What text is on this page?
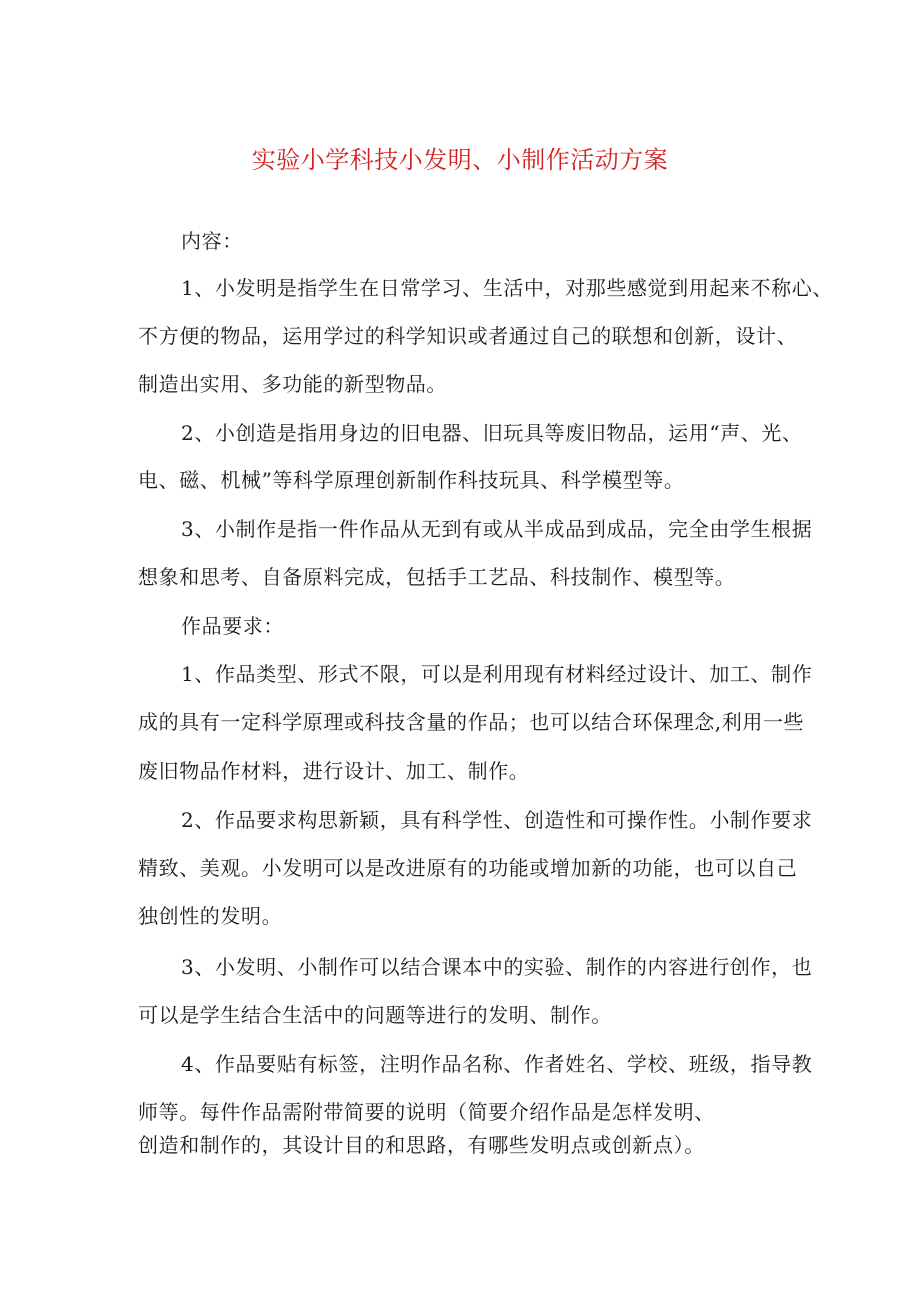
实验小学科技小发明、小制作活动方案

内容：

1、小发明是指学生在日常学习、生活中，对那些感觉到用起来不称心、

不方便的物品，运用学过的科学知识或者通过自己的联想和创新，设计、

制造出实用、多功能的新型物品。

2、小创造是指用身边的旧电器、旧玩具等废旧物品，运用“声、光、

电、磁、机械”等科学原理创新制作科技玩具、科学模型等。

3、小制作是指一件作品从无到有或从半成品到成品，完全由学生根据

想象和思考、自备原料完成，包括手工艺品、科技制作、模型等。

作品要求：

1、作品类型、形式不限，可以是利用现有材料经过设计、加工、制作

成的具有一定科学原理或科技含量的作品；也可以结合环保理念,利用一些

废旧物品作材料，进行设计、加工、制作。

2、作品要求构思新颖，具有科学性、创造性和可操作性。小制作要求

精致、美观。小发明可以是改进原有的功能或增加新的功能，也可以自己

独创性的发明。

3、小发明、小制作可以结合课本中的实验、制作的内容进行创作，也

可以是学生结合生活中的问题等进行的发明、制作。

4、作品要贴有标签，注明作品名称、作者姓名、学校、班级，指导教

师等。每件作品需附带简要的说明（简要介绍作品是怎样发明、

创造和制作的，其设计目的和思路，有哪些发明点或创新点）。
